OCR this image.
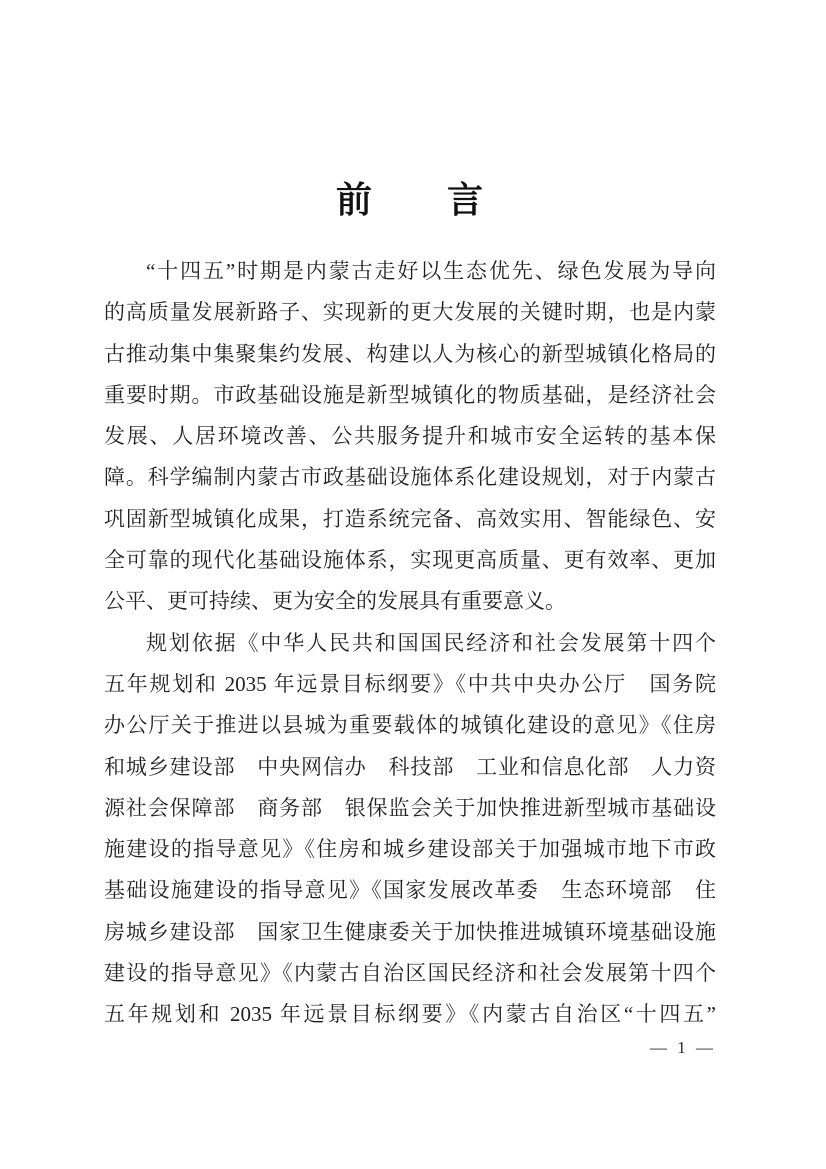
前　　言
“十四五”时期是内蒙古走好以生态优先、绿色发展为导向
的高质量发展新路子、实现新的更大发展的关键时期，也是内蒙
古推动集中集聚集约发展、构建以人为核心的新型城镇化格局的
重要时期。市政基础设施是新型城镇化的物质基础，是经济社会
发展、人居环境改善、公共服务提升和城市安全运转的基本保
障。科学编制内蒙古市政基础设施体系化建设规划，对于内蒙古
巩固新型城镇化成果，打造系统完备、高效实用、智能绿色、安
全可靠的现代化基础设施体系，实现更高质量、更有效率、更加
公平、更可持续、更为安全的发展具有重要意义。
规划依据《中华人民共和国国民经济和社会发展第十四个
五年规划和 2035 年远景目标纲要》《中共中央办公厅　国务院
办公厅关于推进以县城为重要载体的城镇化建设的意见》《住房
和城乡建设部　中央网信办　科技部　工业和信息化部　人力资
源社会保障部　商务部　银保监会关于加快推进新型城市基础设
施建设的指导意见》《住房和城乡建设部关于加强城市地下市政
基础设施建设的指导意见》《国家发展改革委　生态环境部　住
房城乡建设部　国家卫生健康委关于加快推进城镇环境基础设施
建设的指导意见》《内蒙古自治区国民经济和社会发展第十四个
五年规划和 2035 年远景目标纲要》《内蒙古自治区“十四五”
— 1 —
